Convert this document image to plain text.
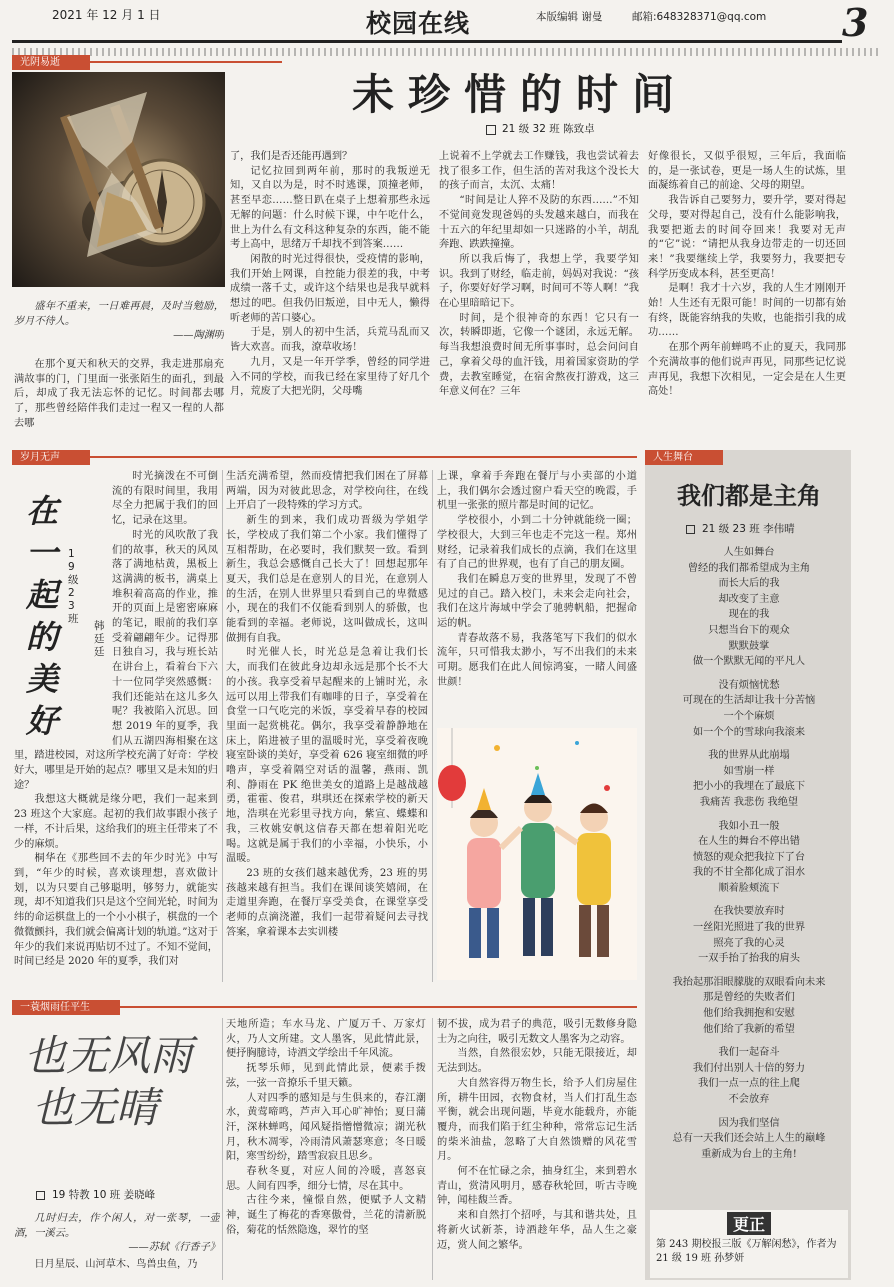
2021 年 12 月 1 日	校园在线	本版编辑 谢曼	邮箱:648328371@qq.com 3
光阴易逝
未珍惜的时间
21 级 32 班 陈致卓

盛年不重来，一日难再晨，及时当勉励，岁月不待人。

——陶渊明

在那个夏天和秋天的交界，我走进那扇充满故事的门，门里面一张张陌生的面孔，到最后，却成了我无法忘怀的记忆。时间都去哪了，那些曾经陪伴我们走过一程又一程的人都去哪

了，我们是否还能再遇到？

记忆拉回到两年前，那时的我叛逆无知，又自以为是，时不时逃课，顶撞老师，甚至早恋……整日趴在桌子上想着那些永远无解的问题：什么时候下课，中午吃什么，世上为什么有文科这种复杂的东西，能不能考上高中，思绪万千却找不到答案……

闲散的时光过得很快，受疫情的影响，我们开始上网课，自控能力很差的我，中考成绩一落千丈，或许这个结果也是我早就料想过的吧。但我仍旧叛逆，目中无人，懒得听老师的苦口婆心。

于是，别人的初中生活，兵荒马乱而又皆大欢喜。而我，潦草收场！

九月，又是一年开学季，曾经的同学进入不同的学校，而我已经在家里待了好几个月，荒废了大把光阴，父母嘴

上说着不上学就去工作赚钱，我也尝试着去找了很多工作，但生活的苦对我这个没长大的孩子而言，太沉、太痛！

“时间是让人猝不及防的东西……”不知不觉间竟发现爸妈的头发越来越白，而我在十五六的年纪里却如一只迷路的小羊，胡乱奔跑、跌跌撞撞。

所以我后悔了，我想上学，我要学知识。我到了财经，临走前，妈妈对我说：“孩子，你要好好学习啊，时间可不等人啊！”我在心里暗暗记下。

时间，是个很神奇的东西！它只有一次，转瞬即逝，它像一个谜团，永远无解。每当我想浪费时间无所事事时，总会问问自己，拿着父母的血汗钱，用着国家资助的学费，去教室睡觉，在宿舍熬夜打游戏，这三年意义何在？三年

好像很长，又似乎很短，三年后，我面临的，是一张试卷，更是一场人生的试炼，里面凝练着自己的前途、父母的期望。

我告诉自己要努力，要升学，要对得起父母，要对得起自己，没有什么能影响我，我要把逝去的时间夺回来！我要对无声的“它”说：“请把从我身边带走的一切还回来！”我要继续上学，我要努力，我要把专科学历变成本科，甚至更高！

是啊！我才十六岁，我的人生才刚刚开始！人生还有无限可能！时间的一切都有始有终，既能容纳我的失败，也能指引我的成功……

在那个两年前蝉鸣不止的夏天，我同那个充满故事的他们说声再见，同那些记忆说声再见，我想下次相见，一定会是在人生更高处！

岁月无声
在
一
起
的
美
好
19级23班
韩廷廷

时光摘泼在不可倒流的有限时间里，我用尽全力把属于我们的回忆，记录在这里。

时光的风吹散了我们的故事，秋天的风凤落了满地枯黄，黑板上这满满的板书，满桌上堆积着高高的作业，推开的页面上是密密麻麻的笔记，眼前的我们享受着翩翩年少。记得那日独自习，我与班长站在讲台上，看着台下六十一位同学突然感慨：我们还能站在这儿多久呢？我被陷入沉思。回想 2019 年的夏季，我们从五湖四海相聚在这里，踏进校园，对这所学校充满了好奇：学校好大，哪里是开始的起点？哪里又是未知的归途？

我想这大概就是缘分吧，我们一起来到 23 班这个大家庭。起初的我们故事跟小孩子一样，不计后果，这给我们的班主任带来了不少的麻烦。

桐华在《那些回不去的年少时光》中写到，“年少的时候，喜欢谈理想，喜欢做计划，以为只要自己够聪明，够努力，就能实现，却不知道我们只是这个空间光轮，时间为纬的命运棋盘上的一个小小棋子，棋盘的一个微微颤抖，我们就会偏离计划的轨道。”这对于年少的我们来说再贴切不过了。不知不觉间，时间已经是 2020 年的夏季，我们对

生活充满希望，然而疫情把我们困在了屏幕两端，因为对彼此思念，对学校向往，在线上开启了一段特殊的学习方式。

新生的到来，我们成功晋级为学姐学长，学校成了我们第二个小家。我们懂得了互相帮助，在必要时，我们默契一致。看到新生，我总会感慨自己长大了！回想起那年夏天，我们总是在意别人的目光，在意别人的生活，在别人世界里只看到自己的卑微感小，现在的我们不仅能看到别人的骄傲，也能看到的幸福。老师说，这叫做成长，这叫做拥有自我。

时光催人长，时光总是急着让我们长大，而我们在彼此身边却永远是那个长不大的小孩。我享受着早起醒来的上铺时光，永远可以用上带我们有咖啡的日子，享受着在食堂一口气吃完的米饭，享受着早春的校园里面一起赏桃花。偶尔，我享受着静静地在床上，陷进被子里的温暖时光，享受着夜晚寝室卧谈的美好，享受着 626 寝室细微的呼噜声，享受着隔空对话的温馨，燕雨、凯利、静雨在 PK 绝世美女的道路上是越战越勇，霍霍、俊君，琪琪还在探索学校的新天地，浩琪在光彩里寻找方向，紫宣、蝶蝶和我，三枚姚安帆这信春天都在想着阳光吃喝。这就是属于我们的小幸福，小快乐，小温暖。

23 班的女孩们越来越优秀，23 班的男孩越来越有担当。我们在课间谈笑嬉闹，在走道里奔跑，在餐厅享受美食，在课堂享受老师的点滴浇灌，我们一起带着疑问去寻找答案，拿着课本去实训楼

上课，拿着手奔跑在餐厅与小卖部的小道上，我们偶尔会透过窗户看天空的晚霞，手机里一张张的照片都是时间的记忆。

学校很小，小到二十分钟就能绕一圈；学校很大，大到三年也走不完这一程。郑州财经，记录着我们成长的点滴，我们在这里有了自己的世界观，也有了自己的朋友圈。

我们在瞬息万变的世界里，发现了不曾见过的自己。踏入校门，未来会走向社会，我们在这片海域中学会了驰骋帆船，把握命运的帆。

青春故落不易，我落笔写下我们的似水流年，只可惜我太渺小，写不出我们的未来可期。愿我们在此人间惊鸿宴，一睹人间盛世颜！

人生舞台
我们都是主角
21 级 23 班 李伟晴

人生如舞台

曾经的我们都希望成为主角

而长大后的我

却改变了主意

现在的我

只想当台下的观众

默默鼓掌

做一个默默无闻的平凡人

没有烦恼忧愁

可现在的生活却让我十分苦恼

一个个麻烦

如一个个的雪球向我滚来

我的世界从此崩塌

如雪崩一样

把小小的我埋在了最底下

我痛苦 我悲伤 我绝望

我如小丑一般

在人生的舞台不停出错

愤怒的观众把我拉下了台

我的不甘全都化成了泪水

顺着脸颊流下

在我快要放弃时

一丝阳光照进了我的世界

照亮了我的心灵

一双手抬了抬我的肩头

我抬起那泪眼朦胧的双眼看向未来

那是曾经的失败者们

他们给我拥抱和安慰

他们给了我新的希望

我们一起奋斗

我们付出别人十倍的努力

我们一点一点的往上爬

不会放弃

因为我们坚信

总有一天我们还会站上人生的巅峰

重新成为台上的主角!

更正
第 243 期校报三版《万解闲愁》，作者为 21 级 19 班 孙梦妍
一蓑烟雨任平生
也无风雨
也无晴
19 特教 10 班 姜晓峰

几时归去，作个闲人，对一张琴，一壶酒，一溪云。

——苏轼《行香子》

日月星辰、山河草木、鸟兽虫鱼，乃

天地所造；车水马龙、广厦万千、万家灯火，乃人文所建。文人墨客，见此情此景，便抒胸臆诗，诗酒文学绘出千年风流。

抚琴乐师，见到此情此景，便素手拨弦，一弦一音撩乐千里天籁。

人对四季的感知是与生俱来的，春江潮水，黄莺啼鸣，芦声入耳心旷神怡；夏日蒲汗，深林蝉鸣，闻风疑指憎憎微凉；湖光秋月，秋木凋零，冷雨清风萧瑟寒意；冬日暖阳，寒雪纷纷，踏雪寂寂且思乡。

春秋冬夏，对应人间的冷暖，喜怒哀思。人间有四季，细分七情，尽在其中。

古往今来，憧憬自然，便赋予人文精神，诞生了梅花的香寒傲骨，兰花的清新脱俗，菊花的恬然隐逸，翠竹的坚

韧不拔，成为君子的典范，吸引无数修身隐士为之向往，吸引无数文人墨客为之动容。

当然，自然很宏妙，只能无限接近，却无法到达。

大自然容得万物生长，给予人们房屋住所，耕牛田园，衣物食材，当人们打乱生态平衡，就会出现问题，毕竟水能载舟，亦能覆舟，而我们陷于红尘种种，常常忘记生活的柴米油盐，忽略了大自然馈赠的风花雪月。

何不在忙碌之余，抽身红尘，来到碧水青山，赏清风明月，感春秋轮回，听古寺晚钟，闻桂馥兰香。

来和自然打个招呼，与其和谐共处，且将新火试新茶，诗酒趁年华，品人生之豪迈，赏人间之繁华。
